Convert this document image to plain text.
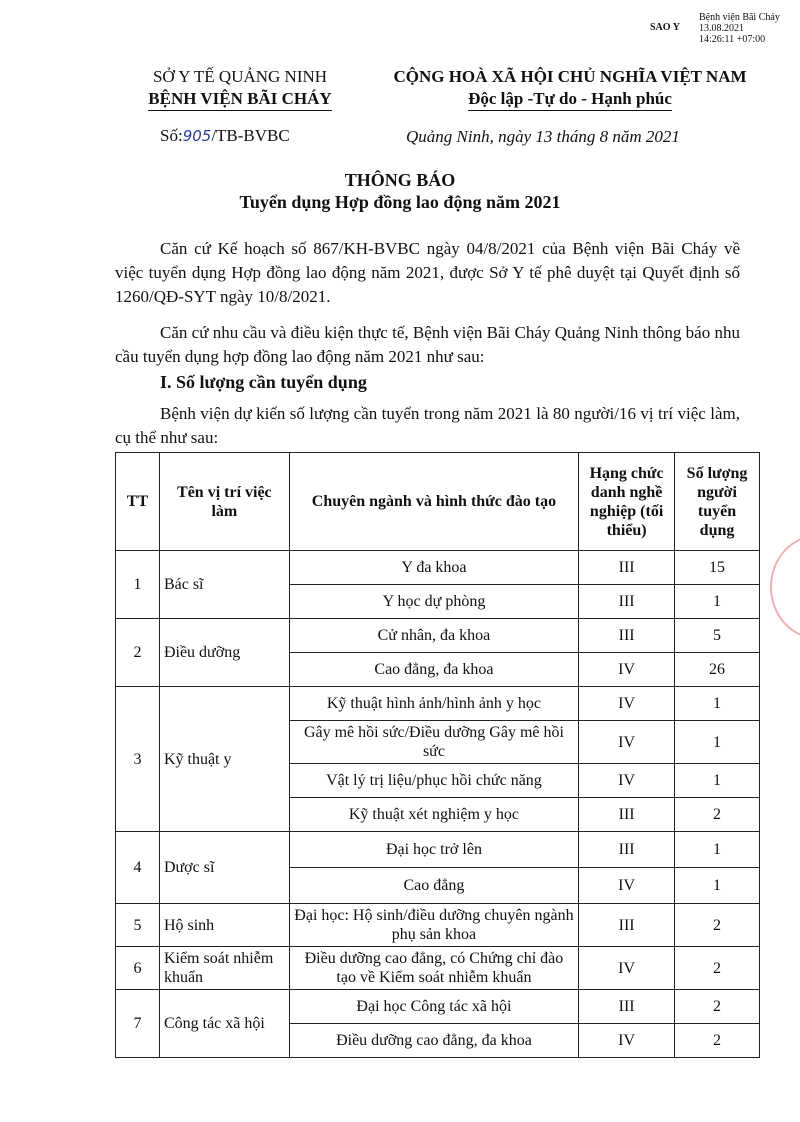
SAO Y
Bệnh viện Bãi Cháy
13.08.2021
14:26:11 +07:00
SỞ Y TẾ QUẢNG NINH
BỆNH VIỆN BÃI CHÁY
CỘNG HOÀ XÃ HỘI CHỦ NGHĨA VIỆT NAM
Độc lập -Tự do - Hạnh phúc
Số:905/TB-BVBC	Quảng Ninh, ngày 13 tháng 8 năm 2021
THÔNG BÁO
Tuyển dụng Hợp đồng lao động năm 2021

Căn cứ Kế hoạch số 867/KH-BVBC ngày 04/8/2021 của Bệnh viện Bãi Cháy về việc tuyển dụng Hợp đồng lao động năm 2021, được Sở Y tế phê duyệt tại Quyết định số 1260/QĐ-SYT ngày 10/8/2021.

Căn cứ nhu cầu và điều kiện thực tế, Bệnh viện Bãi Cháy Quảng Ninh thông báo nhu cầu tuyển dụng hợp đồng lao động năm 2021 như sau:

I. Số lượng cần tuyển dụng

Bệnh viện dự kiến số lượng cần tuyển trong năm 2021 là 80 người/16 vị trí việc làm, cụ thể như sau:

TT	Tên vị trí việc làm	Chuyên ngành và hình thức đào tạo	Hạng chức danh nghề nghiệp (tối thiểu)	Số lượng người tuyển dụng
1	Bác sĩ	Y đa khoa	III	15
		Y học dự phòng	III	1
2	Điều dưỡng	Cử nhân, đa khoa	III	5
		Cao đẳng, đa khoa	IV	26
3	Kỹ thuật y	Kỹ thuật hình ảnh/hình ảnh y học	IV	1
		Gây mê hồi sức/Điều dưỡng Gây mê hồi sức	IV	1
		Vật lý trị liệu/phục hồi chức năng	IV	1
		Kỹ thuật xét nghiệm y học	III	2
4	Dược sĩ	Đại học trở lên	III	1
		Cao đẳng	IV	1
5	Hộ sinh	Đại học: Hộ sinh/điều dưỡng chuyên ngành phụ sản khoa	III	2
6	Kiểm soát nhiễm khuẩn	Điều dưỡng cao đẳng, có Chứng chỉ đào tạo về Kiểm soát nhiễm khuẩn	IV	2
7	Công tác xã hội	Đại học Công tác xã hội	III	2
		Điều dưỡng cao đẳng, đa khoa	IV	2
